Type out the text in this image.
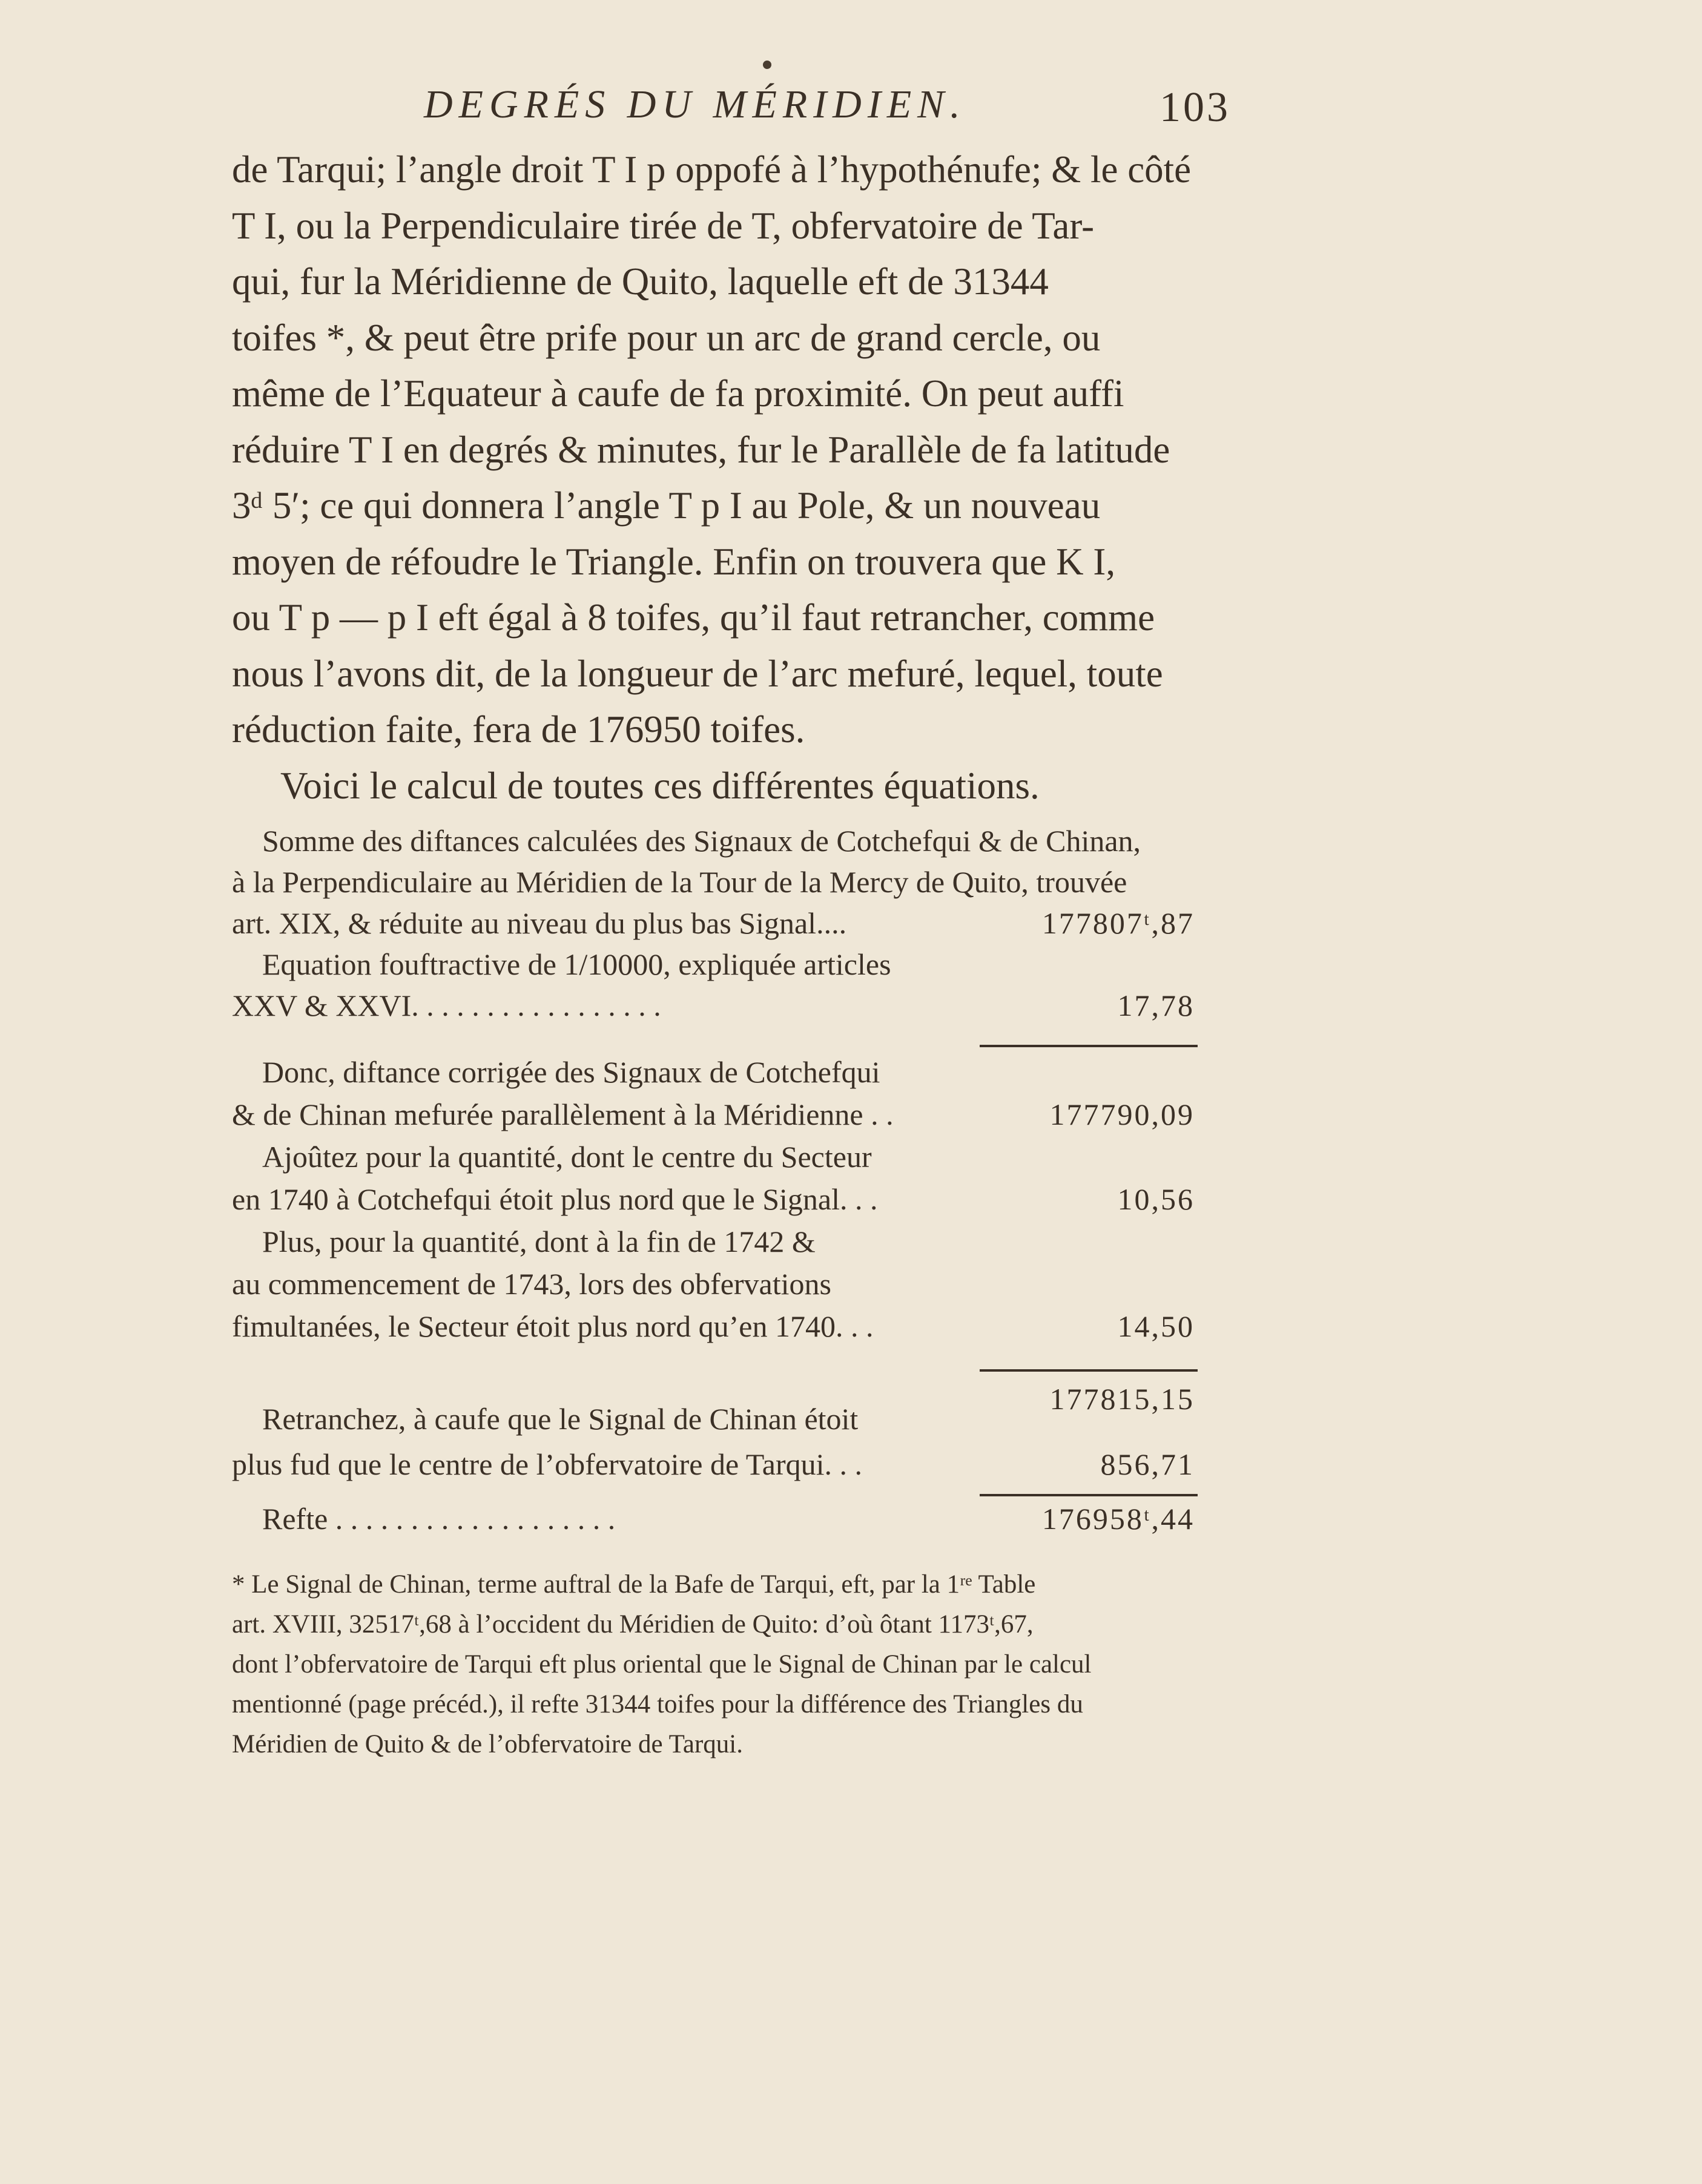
DEGRÉS DU MÉRIDIEN.	103
de Tarqui; l’angle droit T I p oppofé à l’hypothénufe; & le côté
T I, ou la Perpendiculaire tirée de T, obfervatoire de Tar-
qui, fur la Méridienne de Quito, laquelle eft de 31344
toifes *, & peut être prife pour un arc de grand cercle, ou
même de l’Equateur à caufe de fa proximité. On peut auffi
réduire T I en degrés & minutes, fur le Parallèle de fa latitude
3ᵈ 5′; ce qui donnera l’angle T p I au Pole, & un nouveau
moyen de réfoudre le Triangle. Enfin on trouvera que K I,
ou T p — p I eft égal à 8 toifes, qu’il faut retrancher, comme
nous l’avons dit, de la longueur de l’arc mefuré, lequel, toute
réduction faite, fera de 176950 toifes.
Voici le calcul de toutes ces différentes équations.
Somme des diftances calculées des Signaux de Cotchefqui & de Chinan,
à la Perpendiculaire au Méridien de la Tour de la Mercy de Quito, trouvée
art. XIX, & réduite au niveau du plus bas Signal....	177807ᵗ,87
Equation fouftractive de 1/10000, expliquée articles
XXV & XXVI. . . . . . . . . . . . . . . . .	17,78
Donc, diftance corrigée des Signaux de Cotchefqui
& de Chinan mefurée parallèlement à la Méridienne . .	177790,09
Ajoûtez pour la quantité, dont le centre du Secteur
en 1740 à Cotchefqui étoit plus nord que le Signal. . .	10,56
Plus, pour la quantité, dont à la fin de 1742 &
au commencement de 1743, lors des obfervations
fimultanées, le Secteur étoit plus nord qu’en 1740. . .	14,50
177815,15
Retranchez, à caufe que le Signal de Chinan étoit
plus fud que le centre de l’obfervatoire de Tarqui. . .	856,71
Refte . . . . . . . . . . . . . . . . . . .	176958ᵗ,44
* Le Signal de Chinan, terme auftral de la Bafe de Tarqui, eft, par la 1ʳᵉ Table
art. XVIII, 32517ᵗ,68 à l’occident du Méridien de Quito: d’où ôtant 1173ᵗ,67,
dont l’obfervatoire de Tarqui eft plus oriental que le Signal de Chinan par le calcul
mentionné (page précéd.), il refte 31344 toifes pour la différence des Triangles du
Méridien de Quito & de l’obfervatoire de Tarqui.
